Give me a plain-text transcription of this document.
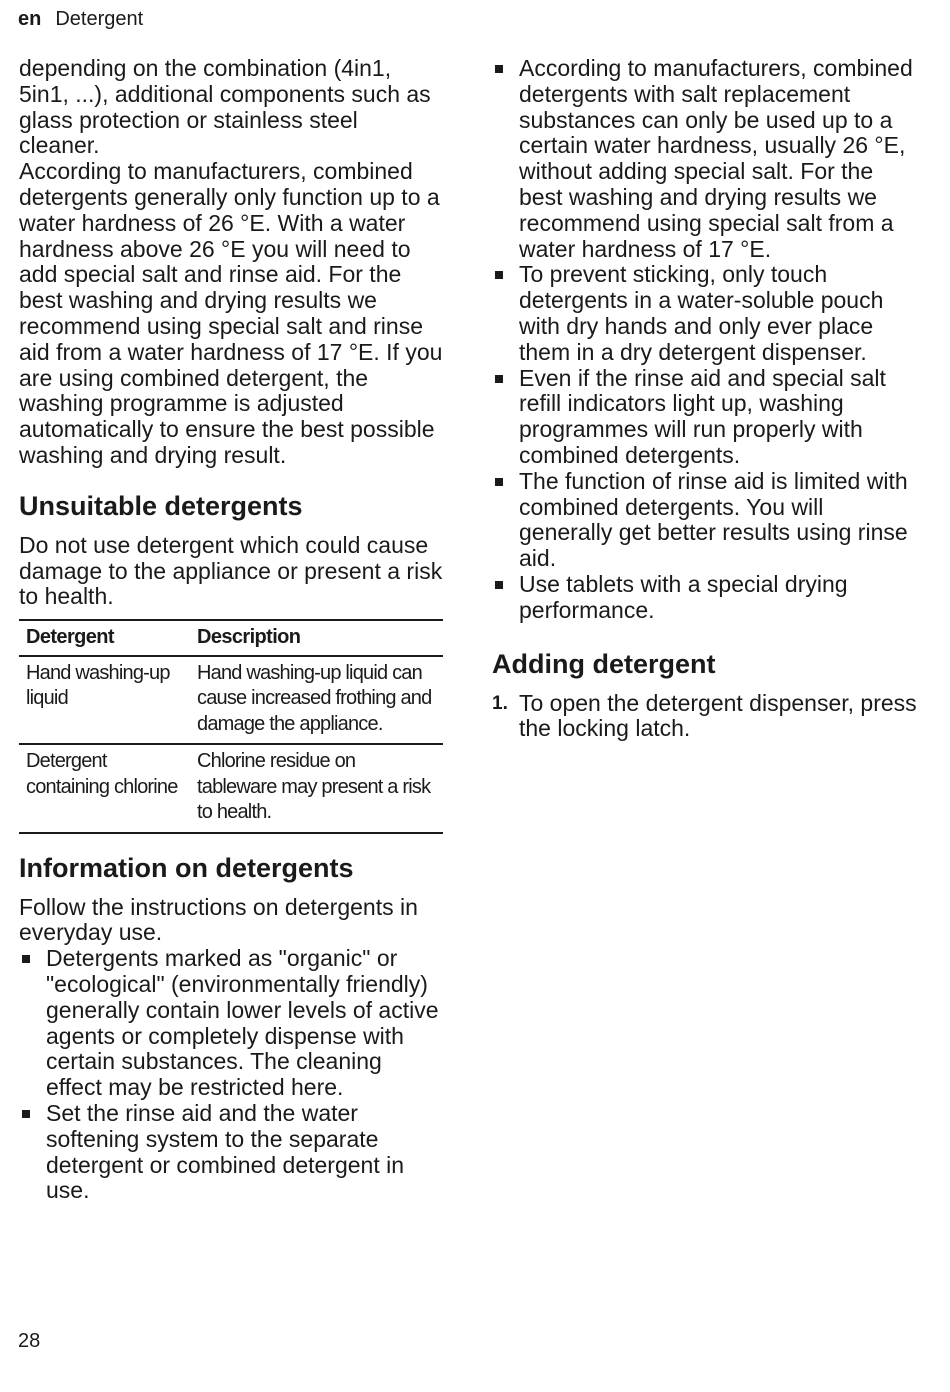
en Detergent

depending on the combination (4in1, 5in1, ...), additional components such as glass protection or stainless steel cleaner.

According to manufacturers, combined detergents generally only function up to a water hardness of 26 °E. With a water hardness above 26 °E you will need to add special salt and rinse aid. For the best washing and drying results we recommend using special salt and rinse aid from a water hardness of 17 °E. If you are using combined detergent, the washing programme is adjusted automatically to ensure the best possible washing and drying result.

Unsuitable detergents

Do not use detergent which could cause damage to the appliance or present a risk to health.

Detergent	Description
Hand washing-up liquid	Hand washing-up liquid can cause increased frothing and damage the appliance.
Detergent containing chlorine	Chlorine residue on tableware may present a risk to health.
Information on detergents

Follow the instructions on detergents in everyday use.

Detergents marked as "organic" or "ecological" (environmentally friendly) generally contain lower levels of active agents or completely dispense with certain substances. The cleaning effect may be restricted here.
Set the rinse aid and the water softening system to the separate detergent or combined detergent in use.
According to manufacturers, combined detergents with salt replacement substances can only be used up to a certain water hardness, usually 26 °E, without adding special salt. For the best washing and drying results we recommend using special salt from a water hardness of 17 °E.
To prevent sticking, only touch detergents in a water-soluble pouch with dry hands and only ever place them in a dry detergent dispenser.
Even if the rinse aid and special salt refill indicators light up, washing programmes will run properly with combined detergents.
The function of rinse aid is limited with combined detergents. You will generally get better results using rinse aid.
Use tablets with a special drying performance.
Adding detergent
1. To open the detergent dispenser, press the locking latch.
28
